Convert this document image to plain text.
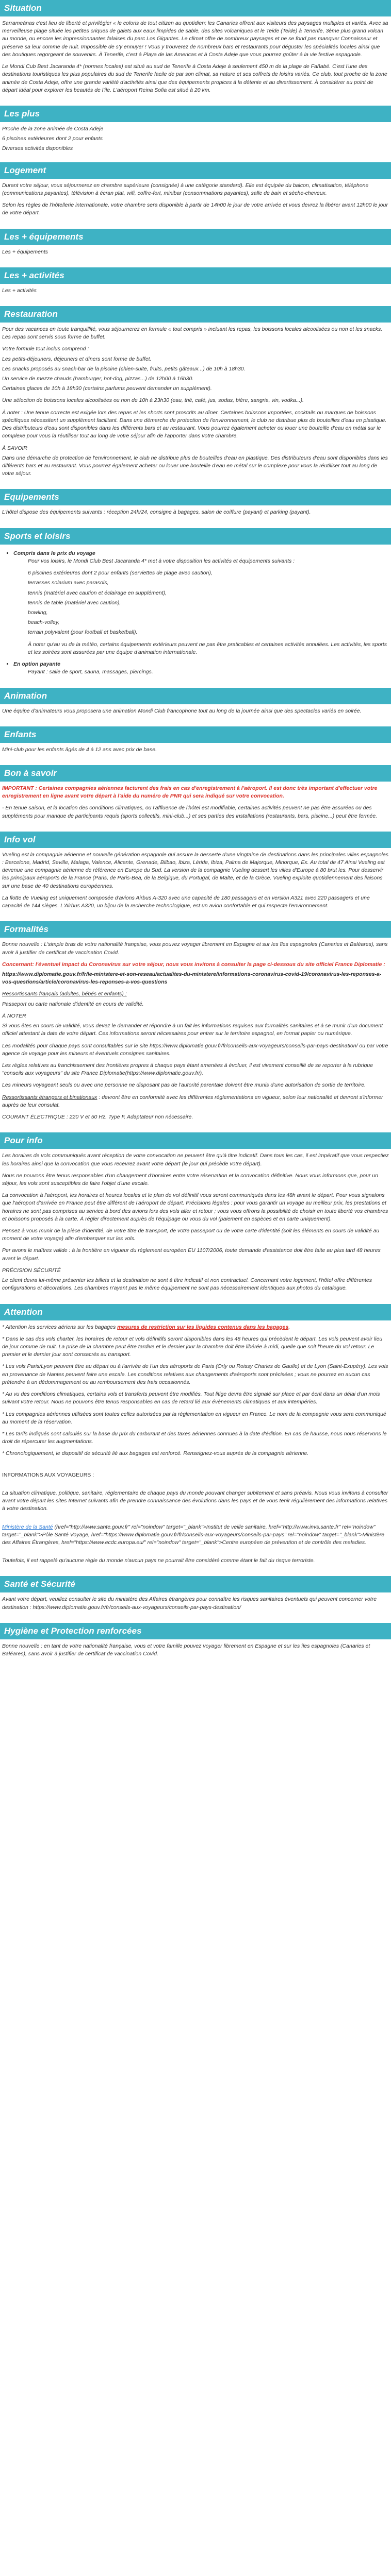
Situation

Sarrameánas c'est lieu de liberté et privilégier « le coloris de tout citizen au quotidien; les Canaries offrent aux visiteurs des paysages multiples et variés. Avec sa merveilleuse plage située les petites criques de galets aux eaux limpides de sable, des sites volcaniques et le Teide (Teide) à Tenerife, 3ème plus grand volcan au monde, ou encore les impressionnantes falaises du parc Los Gigantes. Le climat offre de nombreux paysages et ne se fond pas manquer Connaisseur et préserve sa leur comme de nuit. Impossible de s'y ennuyer ! Vous y trouverez de nombreux bars et restaurants pour déguster les spécialités locales ainsi que des boutiques regorgeant de souvenirs. À Tenerife, c'est à Playa de las Americas et à Costa Adeje que vous pourrez goûter à la vie festive espagnole.

Le Mondi Cub Best Jacaranda 4* (normes locales) est situé au sud de Tenerife à Costa Adeje à seulement 450 m de la plage de Fañabé. C'est l'une des destinations touristiques les plus populaires du sud de Tenerife facile de par son climat, sa nature et ses coffrets de loisirs variés. Ce club, tout proche de la zone animée de Costa Adeje, offre une grande variété d'activités ainsi que des équipements propices à la détente et au divertissement. À considérer au point de départ idéal pour explorer les beautés de l'île. L'aéroport Reina Sofia est situé à 20 km.

Les plus

Proche de la zone animée de Costa Adeje

6 piscines extérieures dont 2 pour enfants

Diverses activités disponibles

Logement

Durant votre séjour, vous séjournerez en chambre supérieure (consignée) à une catégorie standard). Elle est équipée du balcon, climatisation, téléphone (communications payantes), télévision à écran plat, wifi, coffre-fort, minibar (consommations payantes), salle de bain et sèche-cheveux.

Selon les règles de l'hôtellerie internationale, votre chambre sera disponible à partir de 14h00 le jour de votre arrivée et vous devrez la libérer avant 12h00 le jour de votre départ.

Les + équipements

Les + équipements

Les + activités

Les + activités

Restauration

Pour des vacances en toute tranquillité, vous séjournerez en formule « tout compris » incluant les repas, les boissons locales alcoolisées ou non et les snacks. Les repas sont servis sous forme de buffet.

Votre formule tout inclus comprend :

Les petits-déjeuners, déjeuners et dîners sont forme de buffet.

Les snacks proposés au snack-bar de la piscine (chien-suite, fruits, petits gâteaux...) de 10h à 18h30.

Un service de mezze chauds (hamburger, hot-dog, pizzas...) de 12h00 à 16h30.

Certaines glaces de 10h à 18h30 (certains parfums peuvent demander un supplément).

Une sélection de boissons locales alcoolisées ou non de 10h à 23h30 (eau, thé, café, jus, sodas, bière, sangria, vin, vodka...).

À noter : Une tenue correcte est exigée lors des repas et les shorts sont proscrits au dîner. Certaines boissons importées, cocktails ou marques de boissons spécifiques nécessitent un supplément facilitant. Dans une démarche de protection de l'environnement, le club ne distribue plus de bouteilles d'eau en plastique. Des distributeurs d'eau sont disponibles dans les différents bars et au restaurant. Vous pourrez également acheter ou louer une bouteille d'eau en métal sur le complexe pour vous la réutiliser tout au long de votre séjour afin de l'apporter dans votre chambre.

À SAVOIR

Dans une démarche de protection de l'environnement, le club ne distribue plus de bouteilles d'eau en plastique. Des distributeurs d'eau sont disponibles dans les différents bars et au restaurant. Vous pourrez également acheter ou louer une bouteille d'eau en métal sur le complexe pour vous la réutiliser tout au long de votre séjour.

Equipements

L'hôtel dispose des équipements suivants : réception 24h/24, consigne à bagages, salon de coiffure (payant) et parking (payant).

Sports et loisirs
▪ Compris dans le prix du voyage

Pour vos loisirs, le Mondi Club Best Jacaranda 4* met à votre disposition les activités et équipements suivants :

6 piscines extérieures dont 2 pour enfants (serviettes de plage avec caution),

terrasses solarium avec parasols,

tennis (matériel avec caution et éclairage en supplément),

tennis de table (matériel avec caution),

bowling,

beach-volley,

terrain polyvalent (pour football et basketball).

À noter qu'au vu de la météo, certains équipements extérieurs peuvent ne pas être praticables et certaines activités annulées. Les activités, les sports et les soirées sont assurées par une équipe d'animation internationale.

▪ En option payante

Payant : salle de sport, sauna, massages, piercings.

Animation

Une équipe d'animateurs vous proposera une animation Mondi Club francophone tout au long de la journée ainsi que des spectacles variés en soirée.

Enfants

Mini-club pour les enfants âgés de 4 à 12 ans avec prix de base.

Bon à savoir

IMPORTANT : Certaines compagnies aériennes facturent des frais en cas d'enregistrement à l'aéroport. Il est donc très important d'effectuer votre enregistrement en ligne avant votre départ à l'aide du numéro de PNR qui sera indiqué sur votre convocation.

- En tenue saison, et la location des conditions climatiques, ou l'affluence de l'hôtel est modifiable, certaines activités peuvent ne pas être assurées ou des suppléments pour manque de participants requis (sports collectifs, mini-club...) et ses parties des installations (restaurants, bars, piscine...) peut être fermée.

Info vol

Vueling est la compagnie aérienne et nouvelle génération espagnole qui assure la desserte d'une vingtaine de destinations dans les principales villes espagnoles : Barcelone, Madrid, Seville, Malaga, Valence, Alicante, Grenade, Bilbao, Ibiza, Léride, Ibiza, Palma de Majorque, Minorque, Ex. Au total de 47 Ainsi Vueling est devenue une compagnie aérienne de référence en Europe du Sud. La version de la compagnie Vueling dessert les villes d'Europe à 80 brut les. Pour desservir les principaux aéroports de la France (Paris, de Paris-Bea, de la Belgique, du Portugal, de Malte, et de la Grèce. Vueling exploite quotidiennement des liaisons sur une base de 40 destinations européennes.

La flotte de Vueling est uniquement composée d'avions Airbus A-320 avec une capacité de 180 passagers et en version A321 avec 220 passagers et une capacité de 144 sièges. L'Airbus A320, un bijou de la recherche technologique, est un avion confortable et qui respecte l'environnement.

Formalités

Bonne nouvelle : L'simple bras de votre nationalité française, vous pouvez voyager librement en Espagne et sur les îles espagnoles (Canaries et Baléares), sans avoir à justifier de certificat de vaccination Covid.

Concernant: l'éventuel impact du Coronavirus sur votre séjour, nous vous invitons à consulter la page ci-dessous du site officiel France Diplomatie :

https://www.diplomatie.gouv.fr/fr/le-ministere-et-son-reseau/actualites-du-ministere/informations-coronavirus-covid-19/coronavirus-les-reponses-a-vos-questions/article/coronavirus-les-reponses-a-vos-questions

Ressortissants français (adultes, bébés et enfants) :

Passeport ou carte nationale d'identité en cours de validité.

À NOTER

Si vous êtes en cours de validité, vous devez le demander et répondre à un fait les informations requises aux formalités sanitaires et à se munir d'un document officiel attestant la date de votre départ. Ces informations seront nécessaires pour entrer sur le territoire espagnol, en format papier ou numérique.

Les modalités pour chaque pays sont consultables sur le site https://www.diplomatie.gouv.fr/fr/conseils-aux-voyageurs/conseils-par-pays-destination/ ou par votre agence de voyage pour les mineurs et éventuels consignes sanitaires.

Les règles relatives au franchissement des frontières propres à chaque pays étant amenées à évoluer, il est vivement conseillé de se reporter à la rubrique "conseils aux voyageurs" du site France Diplomatie(https://www.diplomatie.gouv.fr/).

Les mineurs voyageant seuls ou avec une personne ne disposant pas de l'autorité parentale doivent être munis d'une autorisation de sortie de territoire.

Ressortissants étrangers et binationaux : devront être en conformité avec les différentes réglementations en vigueur, selon leur nationalité et devront s'informer auprès de leur consulat.

COURANT ÉLECTRIQUE : 220 V et 50 Hz. Type F. Adaptateur non nécessaire.

Pour info

Les horaires de vols communiqués avant réception de votre convocation ne peuvent être qu'à titre indicatif. Dans tous les cas, il est impératif que vous respectiez les horaires ainsi que la convocation que vous recevrez avant votre départ (le jour qui précède votre départ).

Nous ne pouvons être tenus responsables d'un changement d'horaires entre votre réservation et la convocation définitive. Nous vous informons que, pour un séjour, les vols sont susceptibles de faire l'objet d'une escale.

La convocation à l'aéroport, les horaires et heures locales et le plan de vol définitif vous seront communiqués dans les 48h avant le départ. Pour vous signalons que l'aéroport d'arrivée en France peut être différent de l'aéroport de départ. Précisions légales : pour vous garantir un voyage au meilleur prix, les prestations et horaires ne sont pas comprises au service à bord des avions lors des vols aller et retour ; vous vous offrons la possibilité de choisir en toute liberté vos chambres et boissons proposés à la carte. À régler directement auprès de l'équipage ou vous du vol (paiement en espèces et en carte uniquement).

Pensez à vous munir de la pièce d'identité, de votre titre de transport, de votre passeport ou de votre carte d'identité (soit les éléments en cours de validité au moment de votre voyage) afin d'embarquer sur les vols.

Per avons le maîtres valide : à la frontière en vigueur du règlement européen EU 1107/2006, toute demande d'assistance doit être faite au plus tard 48 heures avant le départ.

PRÉCISION SÉCURITÉ

Le client devra lui-même présenter les billets et la destination ne sont à titre indicatif et non contractuel. Concernant votre logement, l'hôtel offre différentes configurations et décorations. Les chambres n'ayant pas le même équipement ne sont pas nécessairement identiques aux photos du catalogue.

Attention

* Attention les services aériens sur les bagages mesures de restriction sur les liquides contenus dans les bagages.

* Dans le cas des vols charter, les horaires de retour et vols définitifs seront disponibles dans les 48 heures qui précèdent le départ. Les vols peuvent avoir lieu de jour comme de nuit. La prise de la chambre peut être tardive et le dernier jour la chambre doit être libérée à midi, quelle que soit l'heure du vol retour. Le premier et le dernier jour sont consacrés au transport.

* Les vols Paris/Lyon peuvent être au départ ou à l'arrivée de l'un des aéroports de Paris (Orly ou Roissy Charles de Gaulle) et de Lyon (Saint-Exupéry). Les vols en provenance de Nantes peuvent faire une escale. Les conditions relatives aux changements d'aéroports sont précisées ; vous ne pourrez en aucun cas prétendre à un dédommagement ou au remboursement des frais occasionnés.

* Au vu des conditions climatiques, certains vols et transferts peuvent être modifiés. Tout litige devra être signalé sur place et par écrit dans un délai d'un mois suivant votre retour. Nous ne pouvons être tenus responsables en cas de retard lié aux évènements climatiques et aux intempéries.

* Les compagnies aériennes utilisées sont toutes celles autorisées par la réglementation en vigueur en France. Le nom de la compagnie vous sera communiqué au moment de la réservation.

* Les tarifs indiqués sont calculés sur la base du prix du carburant et des taxes aériennes connues à la date d'édition. En cas de hausse, nous nous réservons le droit de répercuter les augmentations.

* Chronologiquement, le dispositif de sécurité lié aux bagages est renforcé. Renseignez-vous auprès de la compagnie aérienne.

INFORMATIONS AUX VOYAGEURS :

La situation climatique, politique, sanitaire, réglementaire de chaque pays du monde pouvant changer subitement et sans préavis. Nous vous invitons à consulter avant votre départ les sites Internet suivants afin de prendre connaissance des évolutions dans les pays et de vous tenir régulièrement des informations relatives à votre destination.

Ministère de la Santé (href="http://www.sante.gouv.fr" rel="noindow" target="_blank">Institut de veille sanitaire, href="http://www.invs.sante.fr" rel="noindow" target="_blank">Pôle Santé Voyage, href="https://www.diplomatie.gouv.fr/fr/conseils-aux-voyageurs/conseils-par-pays" rel="noindow" target="_blank">Ministère des Affaires Étrangères, href="https://www.ecdc.europa.eu/" rel="noindow" target="_blank">Centre européen de prévention et de contrôle des maladies.

Toutefois, il est rappelé qu'aucune règle du monde n'aucun pays ne pourrait être considéré comme étant le fait du risque terroriste.

Santé et Sécurité

Avant votre départ, veuillez consulter le site du ministère des Affaires étrangères pour connaître les risques sanitaires éventuels qui peuvent concerner votre destination : https://www.diplomatie.gouv.fr/fr/conseils-aux-voyageurs/conseils-par-pays-destination/

Hygiène et Protection renforcées

Bonne nouvelle : en tant de votre nationalité française, vous et votre famille pouvez voyager librement en Espagne et sur les îles espagnoles (Canaries et Baléares), sans avoir à justifier de certificat de vaccination Covid.
